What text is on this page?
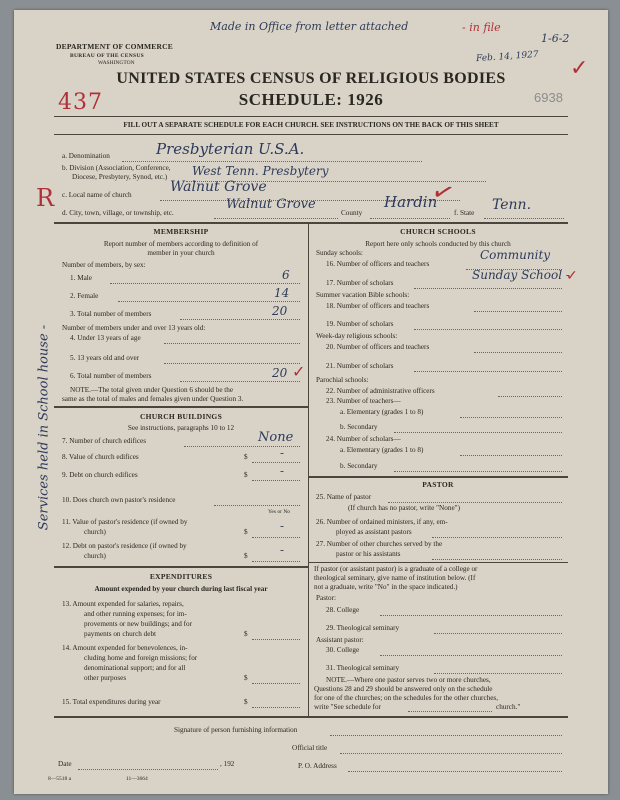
Made in Office from letter attached	- in file
1-6-2
Feb. 14, 1927 ✓
437
R
Services held in School house -
DEPARTMENT OF COMMERCE
BUREAU OF THE CENSUS
WASHINGTON
UNITED STATES CENSUS OF RELIGIOUS BODIES
SCHEDULE: 1926	6938
FILL OUT A SEPARATE SCHEDULE FOR EACH CHURCH. SEE INSTRUCTIONS ON THE BACK OF THIS SHEET
a. Denomination	Presbyterian U.S.A.
b. Division (Association, Conference,
Diocese, Presbytery, Synod, etc.) West Tenn. Presbytery
c. Local name of church	Walnut Grove
d. City, town, village, or township, etc.
Walnut Grove
County
Hardin
✓
f. State Tenn.
MEMBERSHIP
Report number of members according to definition of
member in your church
Number of members, by sex:
1. Male	6
2. Female	14
3. Total number of members	20
Number of members under and over 13 years old:
4. Under 13 years of age
5. 13 years old and over
6. Total number of members	20 ✓
NOTE.—The total given under Question 6 should be the
same as the total of males and females given under Question 3.
CHURCH BUILDINGS
See instructions, paragraphs 10 to 12
7. Number of church edifices	None
8. Value of church edifices	$	-
9. Debt on church edifices	$	-
10. Does church own pastor's residence
Yes or No
11. Value of pastor's residence (if owned by
church)	$	-
12. Debt on pastor's residence (if owned by
church)	$	-
EXPENDITURES
Amount expended by your church during last fiscal year
13. Amount expended for salaries, repairs,
and other running expenses; for im-
provements or new buildings; and for
payments on church debt	$
14. Amount expended for benevolences, in-
cluding home and foreign missions; for
denominational support; and for all
other purposes	$
15. Total expenditures during year	$
CHURCH SCHOOLS
Report here only schools conducted by this church
Sunday schools:
16. Number of officers and teachers
Community
17. Number of scholars
Sunday School -
✓
Summer vacation Bible schools:
18. Number of officers and teachers
19. Number of scholars
Week-day religious schools:
20. Number of officers and teachers
21. Number of scholars
Parochial schools:
22. Number of administrative officers
23. Number of teachers—
a. Elementary (grades 1 to 8)
b. Secondary
24. Number of scholars—
a. Elementary (grades 1 to 8)
b. Secondary
PASTOR
25. Name of pastor
(If church has no pastor, write "None")
26. Number of ordained ministers, if any, em-
ployed as assistant pastors
27. Number of other churches served by the
pastor or his assistants
If pastor (or assistant pastor) is a graduate of a college or
theological seminary, give name of institution below. (If
not a graduate, write "No" in the space indicated.)
Pastor:
28. College
29. Theological seminary
Assistant pastor:
30. College
31. Theological seminary
NOTE.—Where one pastor serves two or more churches,
Questions 28 and 29 should be answered only on the schedule
for one of the churches; on the schedules for the other churches,
write "See schedule for	church."
Signature of person furnishing information
Official title
Date	, 192	P. O. Address
8—5518 a	11—3664
